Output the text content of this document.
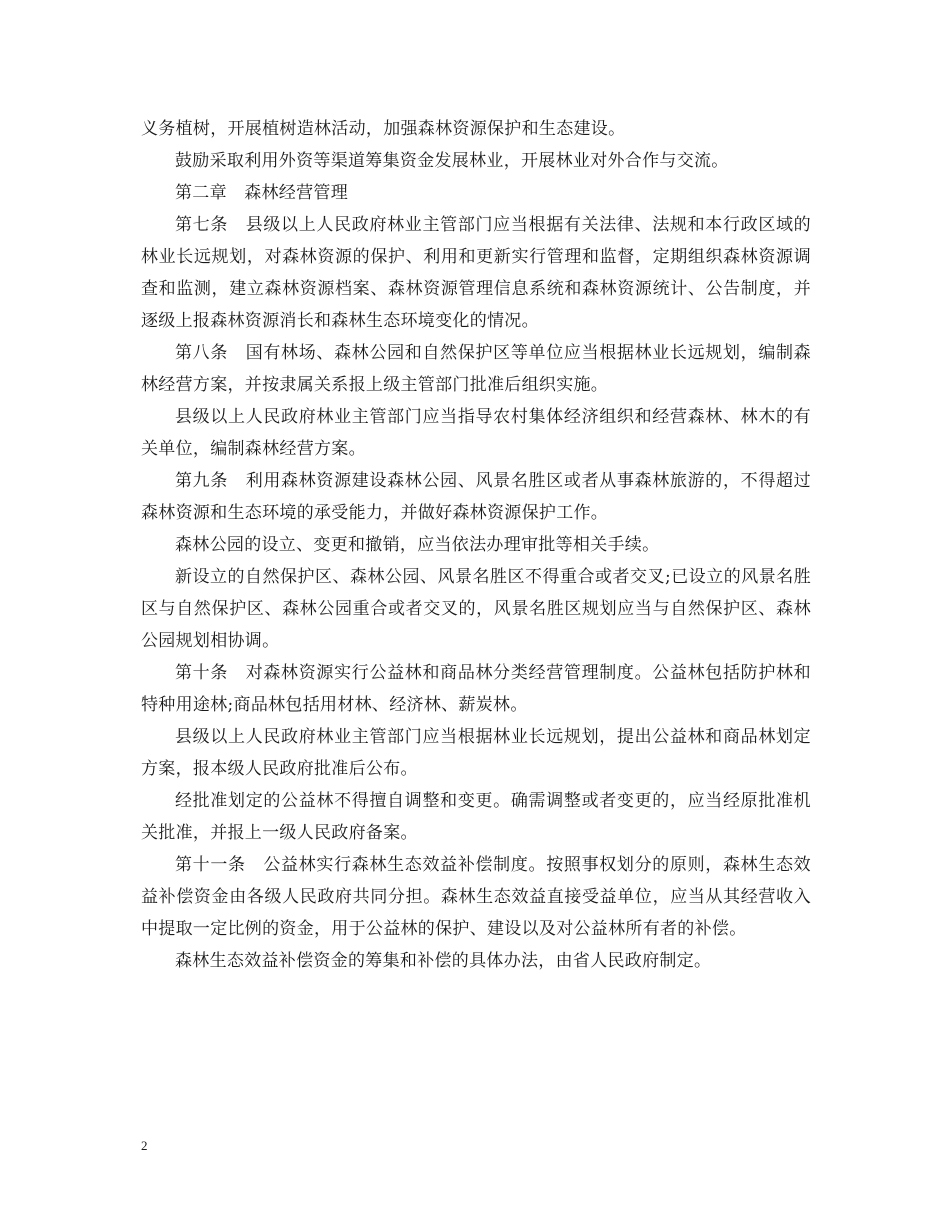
义务植树，开展植树造林活动，加强森林资源保护和生态建设。

鼓励采取利用外资等渠道筹集资金发展林业，开展林业对外合作与交流。

第二章　森林经营管理

第七条　县级以上人民政府林业主管部门应当根据有关法律、法规和本行政区域的林业长远规划，对森林资源的保护、利用和更新实行管理和监督，定期组织森林资源调查和监测，建立森林资源档案、森林资源管理信息系统和森林资源统计、公告制度，并逐级上报森林资源消长和森林生态环境变化的情况。

第八条　国有林场、森林公园和自然保护区等单位应当根据林业长远规划，编制森林经营方案，并按隶属关系报上级主管部门批准后组织实施。

县级以上人民政府林业主管部门应当指导农村集体经济组织和经营森林、林木的有关单位，编制森林经营方案。

第九条　利用森林资源建设森林公园、风景名胜区或者从事森林旅游的，不得超过森林资源和生态环境的承受能力，并做好森林资源保护工作。

森林公园的设立、变更和撤销，应当依法办理审批等相关手续。

新设立的自然保护区、森林公园、风景名胜区不得重合或者交叉;已设立的风景名胜区与自然保护区、森林公园重合或者交叉的，风景名胜区规划应当与自然保护区、森林公园规划相协调。

第十条　对森林资源实行公益林和商品林分类经营管理制度。公益林包括防护林和特种用途林;商品林包括用材林、经济林、薪炭林。

县级以上人民政府林业主管部门应当根据林业长远规划，提出公益林和商品林划定方案，报本级人民政府批准后公布。

经批准划定的公益林不得擅自调整和变更。确需调整或者变更的，应当经原批准机关批准，并报上一级人民政府备案。

第十一条　公益林实行森林生态效益补偿制度。按照事权划分的原则，森林生态效益补偿资金由各级人民政府共同分担。森林生态效益直接受益单位，应当从其经营收入中提取一定比例的资金，用于公益林的保护、建设以及对公益林所有者的补偿。

森林生态效益补偿资金的筹集和补偿的具体办法，由省人民政府制定。

2
